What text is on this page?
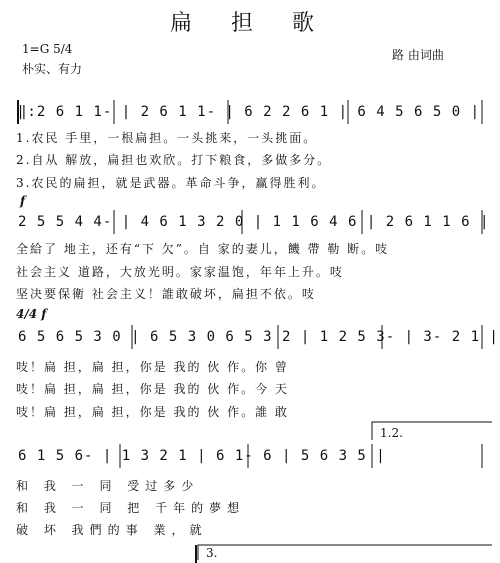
扁 担 歌
1=G 5/4
朴实、有力
路 由词曲
‖:2 6 1 1- | 2 6 1 1- | 6 2 2 6 1 | 6 4 5 6 5 0 |
1.农民 手里，一根扁担。一头挑来，一头挑面。
2.自从 解放，扁担也欢欣。打下粮食，多做多分。
3.农民的扁担，就是武器。革命斗争，赢得胜利。
f
2 5 5 4 4- | 4 6 1 3 2 0 | 1 1 6 4 6 | 2 6 1 1 6 |
全給了 地主，还有“下 欠”。自 家的妻儿，饑 帶 勒 断。吱
社会主义 道路，大放光明。家家温饱，年年上升。吱
坚决要保衛 社会主义！誰敢破坏，扁担不依。吱
4/4 f
6 5 6 5 3 0 | 6 5 3 0 6 5 3 2 | 1 2 5 3- | 3- 2 1 |
吱！扁 担，扁 担，你是 我的 伙 作。你 曾
吱！扁 担，扁 担，你是 我的 伙 作。今 天
吱！扁 担，扁 担，你是 我的 伙 作。誰 敢
1.2.
6 1 5 6- | 1 3 2 1 | 6 1- 6 | 5 6 3 5 |
和 我 一 同 受过多少
和 我 一 同 把 千年的夢想
破 坏 我們的事 業，就
3.
